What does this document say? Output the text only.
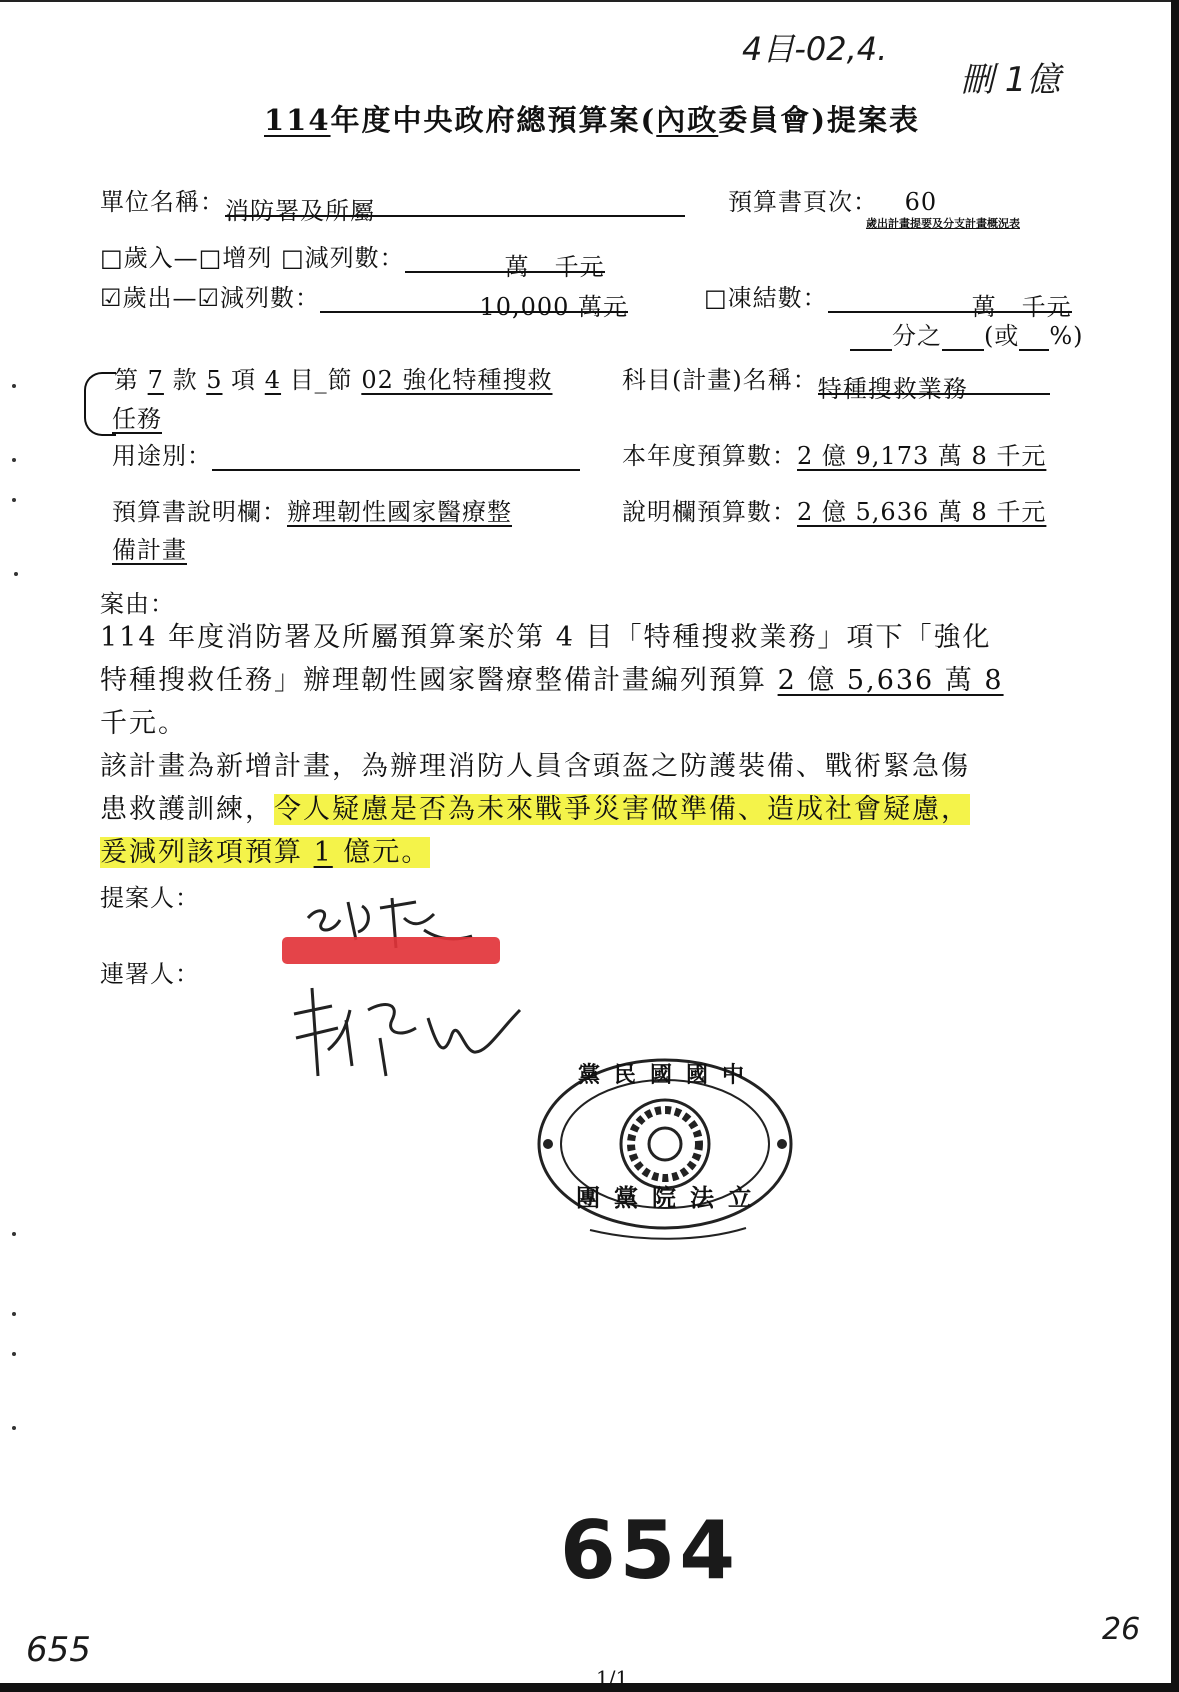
4目-02,4.
刪 1億
114年度中央政府總預算案(內政委員會)提案表
單位名稱：消防署及所屬	預算書頁次： 60
歲出計畫提要及分支計畫概況表
□歲入—□增列 □減列數：	萬　千元
☑歲出—☑減列數：	10,000 萬元	□凍結數：	萬　千元
分之 (或 %)
第 7 款 5 項 4 目_節 02 強化特種搜救
任務
科目(計畫)名稱：特種搜救業務
用途別：	本年度預算數：2 億 9,173 萬 8 千元
預算書說明欄：辦理韌性國家醫療整
備計畫
說明欄預算數：2 億 5,636 萬 8 千元
案由：
114 年度消防署及所屬預算案於第 4 目「特種搜救業務」項下「強化
特種搜救任務」辦理韌性國家醫療整備計畫編列預算 2 億 5,636 萬 8
千元。
該計畫為新增計畫，為辦理消防人員含頭盔之防護裝備、戰術緊急傷
患救護訓練，令人疑慮是否為未來戰爭災害做準備、造成社會疑慮，
爰減列該項預算 1 億元。
提案人：
連署人：
黨民國國中
團黨院法立
654
655
26
1/1
